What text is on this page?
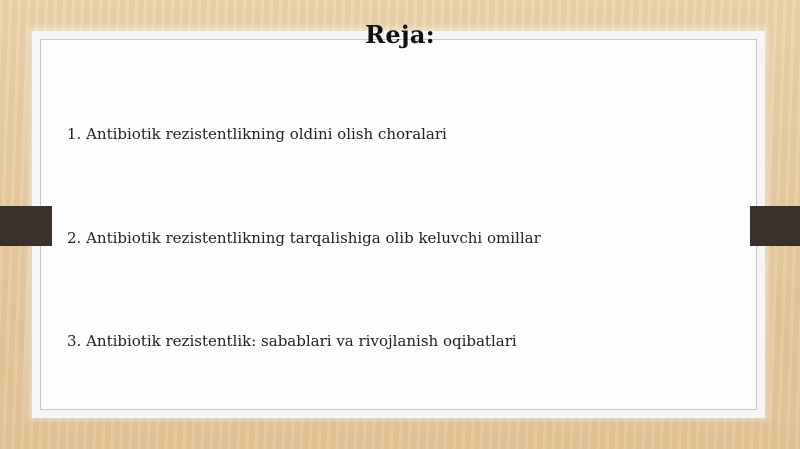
Reja:
1. Antibiotik rezistentlikning oldini olish choralari
2. Antibiotik rezistentlikning tarqalishiga olib keluvchi omillar
3. Antibiotik rezistentlik: sabablari va rivojlanish oqibatlari
